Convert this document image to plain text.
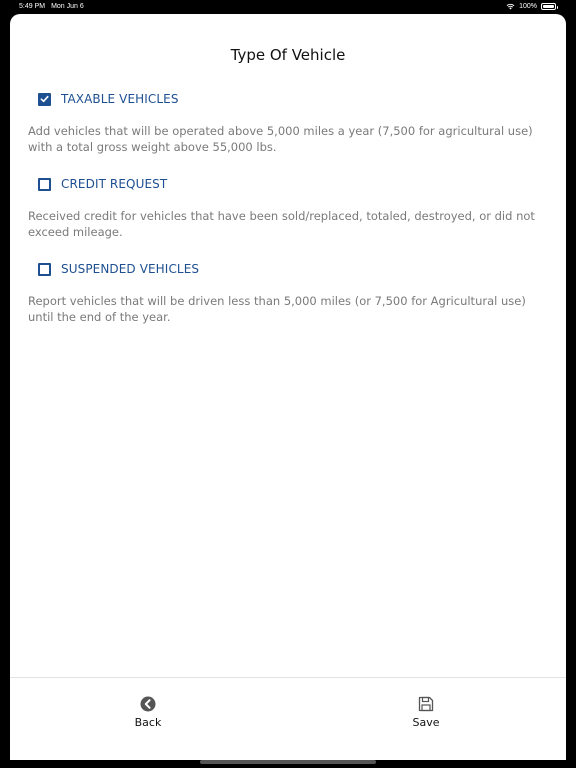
5:49 PM Mon Jun 6	100%
Type Of Vehicle
TAXABLE VEHICLES
Add vehicles that will be operated above 5,000 miles a year (7,500 for agricultural use) with a total gross weight above 55,000 lbs.
CREDIT REQUEST
Received credit for vehicles that have been sold/replaced, totaled, destroyed, or did not exceed mileage.
SUSPENDED VEHICLES
Report vehicles that will be driven less than 5,000 miles (or 7,500 for Agricultural use) until the end of the year.
Back	Save
